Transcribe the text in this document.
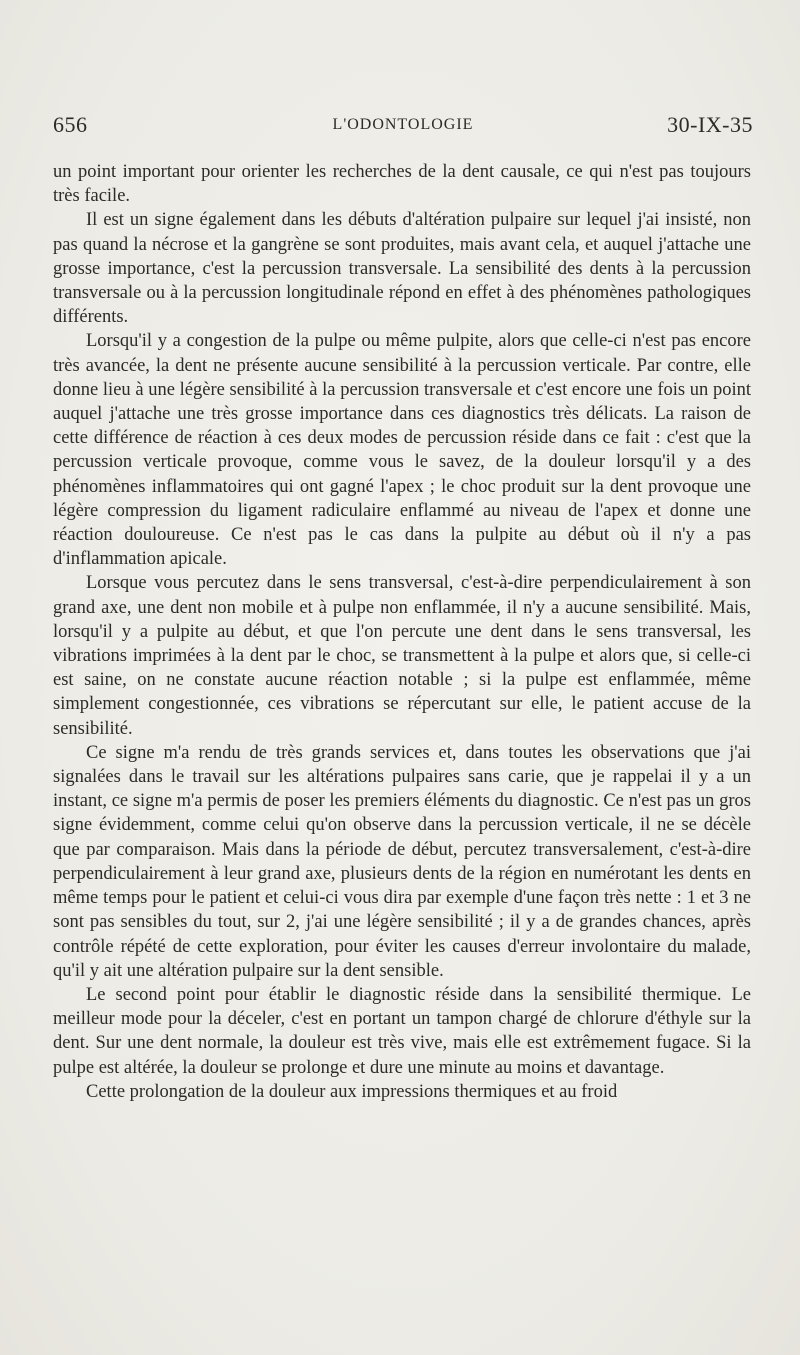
656	L'ODONTOLOGIE	30-IX-35

un point important pour orienter les recherches de la dent causale, ce qui n'est pas toujours très facile.

Il est un signe également dans les débuts d'altération pulpaire sur lequel j'ai insisté, non pas quand la nécrose et la gangrène se sont produites, mais avant cela, et auquel j'attache une grosse importance, c'est la percussion transversale. La sensibilité des dents à la percussion transversale ou à la percussion longitudinale répond en effet à des phénomènes pathologiques différents.

Lorsqu'il y a congestion de la pulpe ou même pulpite, alors que celle-ci n'est pas encore très avancée, la dent ne présente aucune sensibilité à la percussion verticale. Par contre, elle donne lieu à une légère sensibilité à la percussion transversale et c'est encore une fois un point auquel j'attache une très grosse importance dans ces diagnostics très délicats. La raison de cette différence de réaction à ces deux modes de percussion réside dans ce fait : c'est que la percussion verticale provoque, comme vous le savez, de la douleur lorsqu'il y a des phénomènes inflammatoires qui ont gagné l'apex ; le choc produit sur la dent provoque une légère compression du ligament radiculaire enflammé au niveau de l'apex et donne une réaction douloureuse. Ce n'est pas le cas dans la pulpite au début où il n'y a pas d'inflammation apicale.

Lorsque vous percutez dans le sens transversal, c'est-à-dire perpendiculairement à son grand axe, une dent non mobile et à pulpe non enflammée, il n'y a aucune sensibilité. Mais, lorsqu'il y a pulpite au début, et que l'on percute une dent dans le sens transversal, les vibrations imprimées à la dent par le choc, se transmettent à la pulpe et alors que, si celle-ci est saine, on ne constate aucune réaction notable ; si la pulpe est enflammée, même simplement congestionnée, ces vibrations se répercutant sur elle, le patient accuse de la sensibilité.

Ce signe m'a rendu de très grands services et, dans toutes les observations que j'ai signalées dans le travail sur les altérations pulpaires sans carie, que je rappelai il y a un instant, ce signe m'a permis de poser les premiers éléments du diagnostic. Ce n'est pas un gros signe évidemment, comme celui qu'on observe dans la percussion verticale, il ne se décèle que par comparaison. Mais dans la période de début, percutez transversalement, c'est-à-dire perpendiculairement à leur grand axe, plusieurs dents de la région en numérotant les dents en même temps pour le patient et celui-ci vous dira par exemple d'une façon très nette : 1 et 3 ne sont pas sensibles du tout, sur 2, j'ai une légère sensibilité ; il y a de grandes chances, après contrôle répété de cette exploration, pour éviter les causes d'erreur involontaire du malade, qu'il y ait une altération pulpaire sur la dent sensible.

Le second point pour établir le diagnostic réside dans la sensibilité thermique. Le meilleur mode pour la déceler, c'est en portant un tampon chargé de chlorure d'éthyle sur la dent. Sur une dent normale, la douleur est très vive, mais elle est extrêmement fugace. Si la pulpe est altérée, la douleur se prolonge et dure une minute au moins et davantage.

Cette prolongation de la douleur aux impressions thermiques et au froid
